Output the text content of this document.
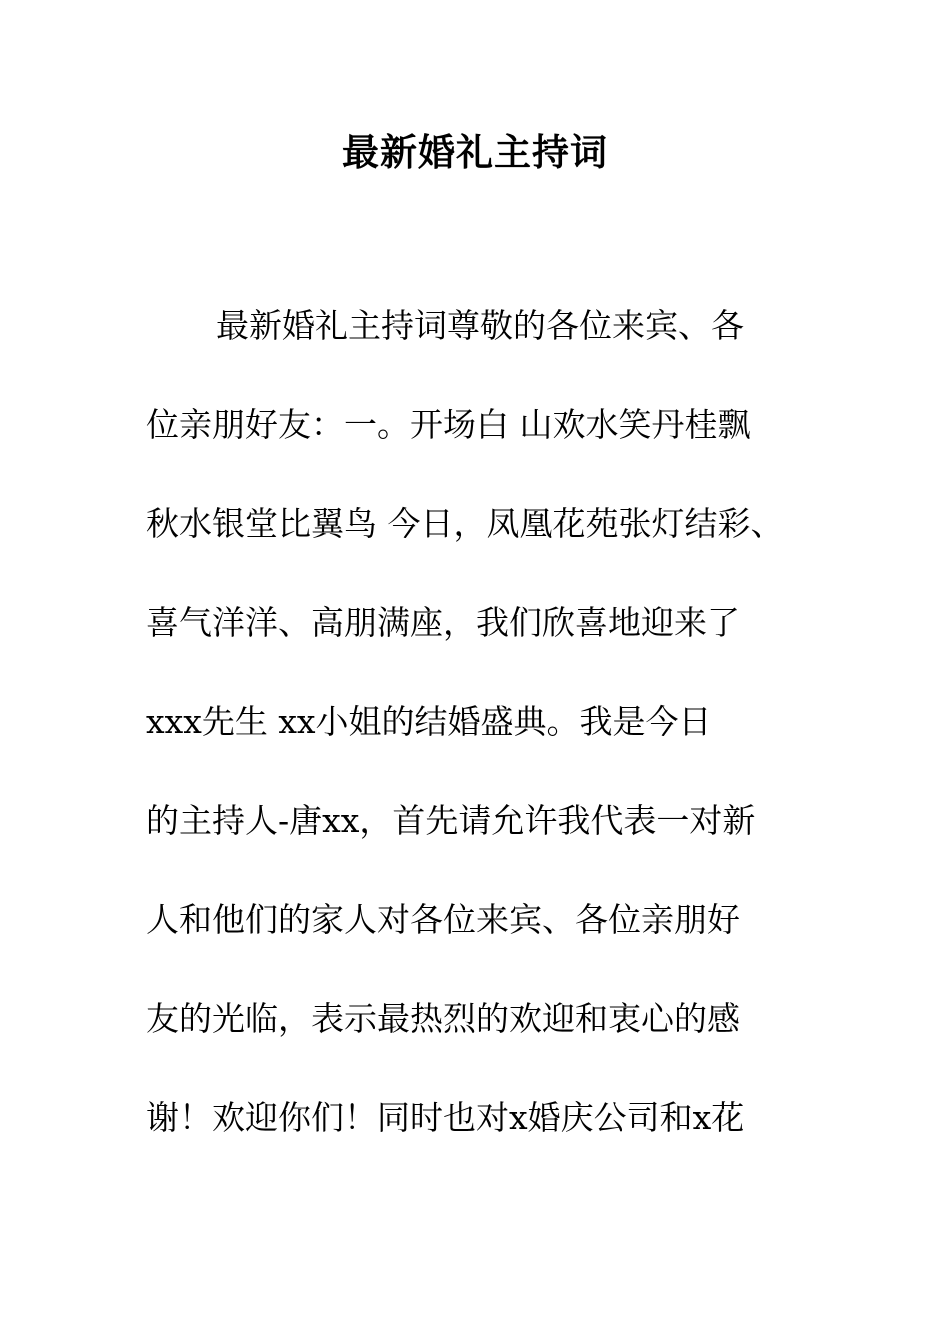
最新婚礼主持词
最新婚礼主持词尊敬的各位来宾、各
位亲朋好友：一。开场白 山欢水笑丹桂飘
秋水银堂比翼鸟 今日，凤凰花苑张灯结彩、
喜气洋洋、高朋满座，我们欣喜地迎来了
xxx先生 xx小姐的结婚盛典。我是今日
的主持人-唐xx，首先请允许我代表一对新
人和他们的家人对各位来宾、各位亲朋好
友的光临，表示最热烈的欢迎和衷心的感
谢！欢迎你们！同时也对x婚庆公司和x花
